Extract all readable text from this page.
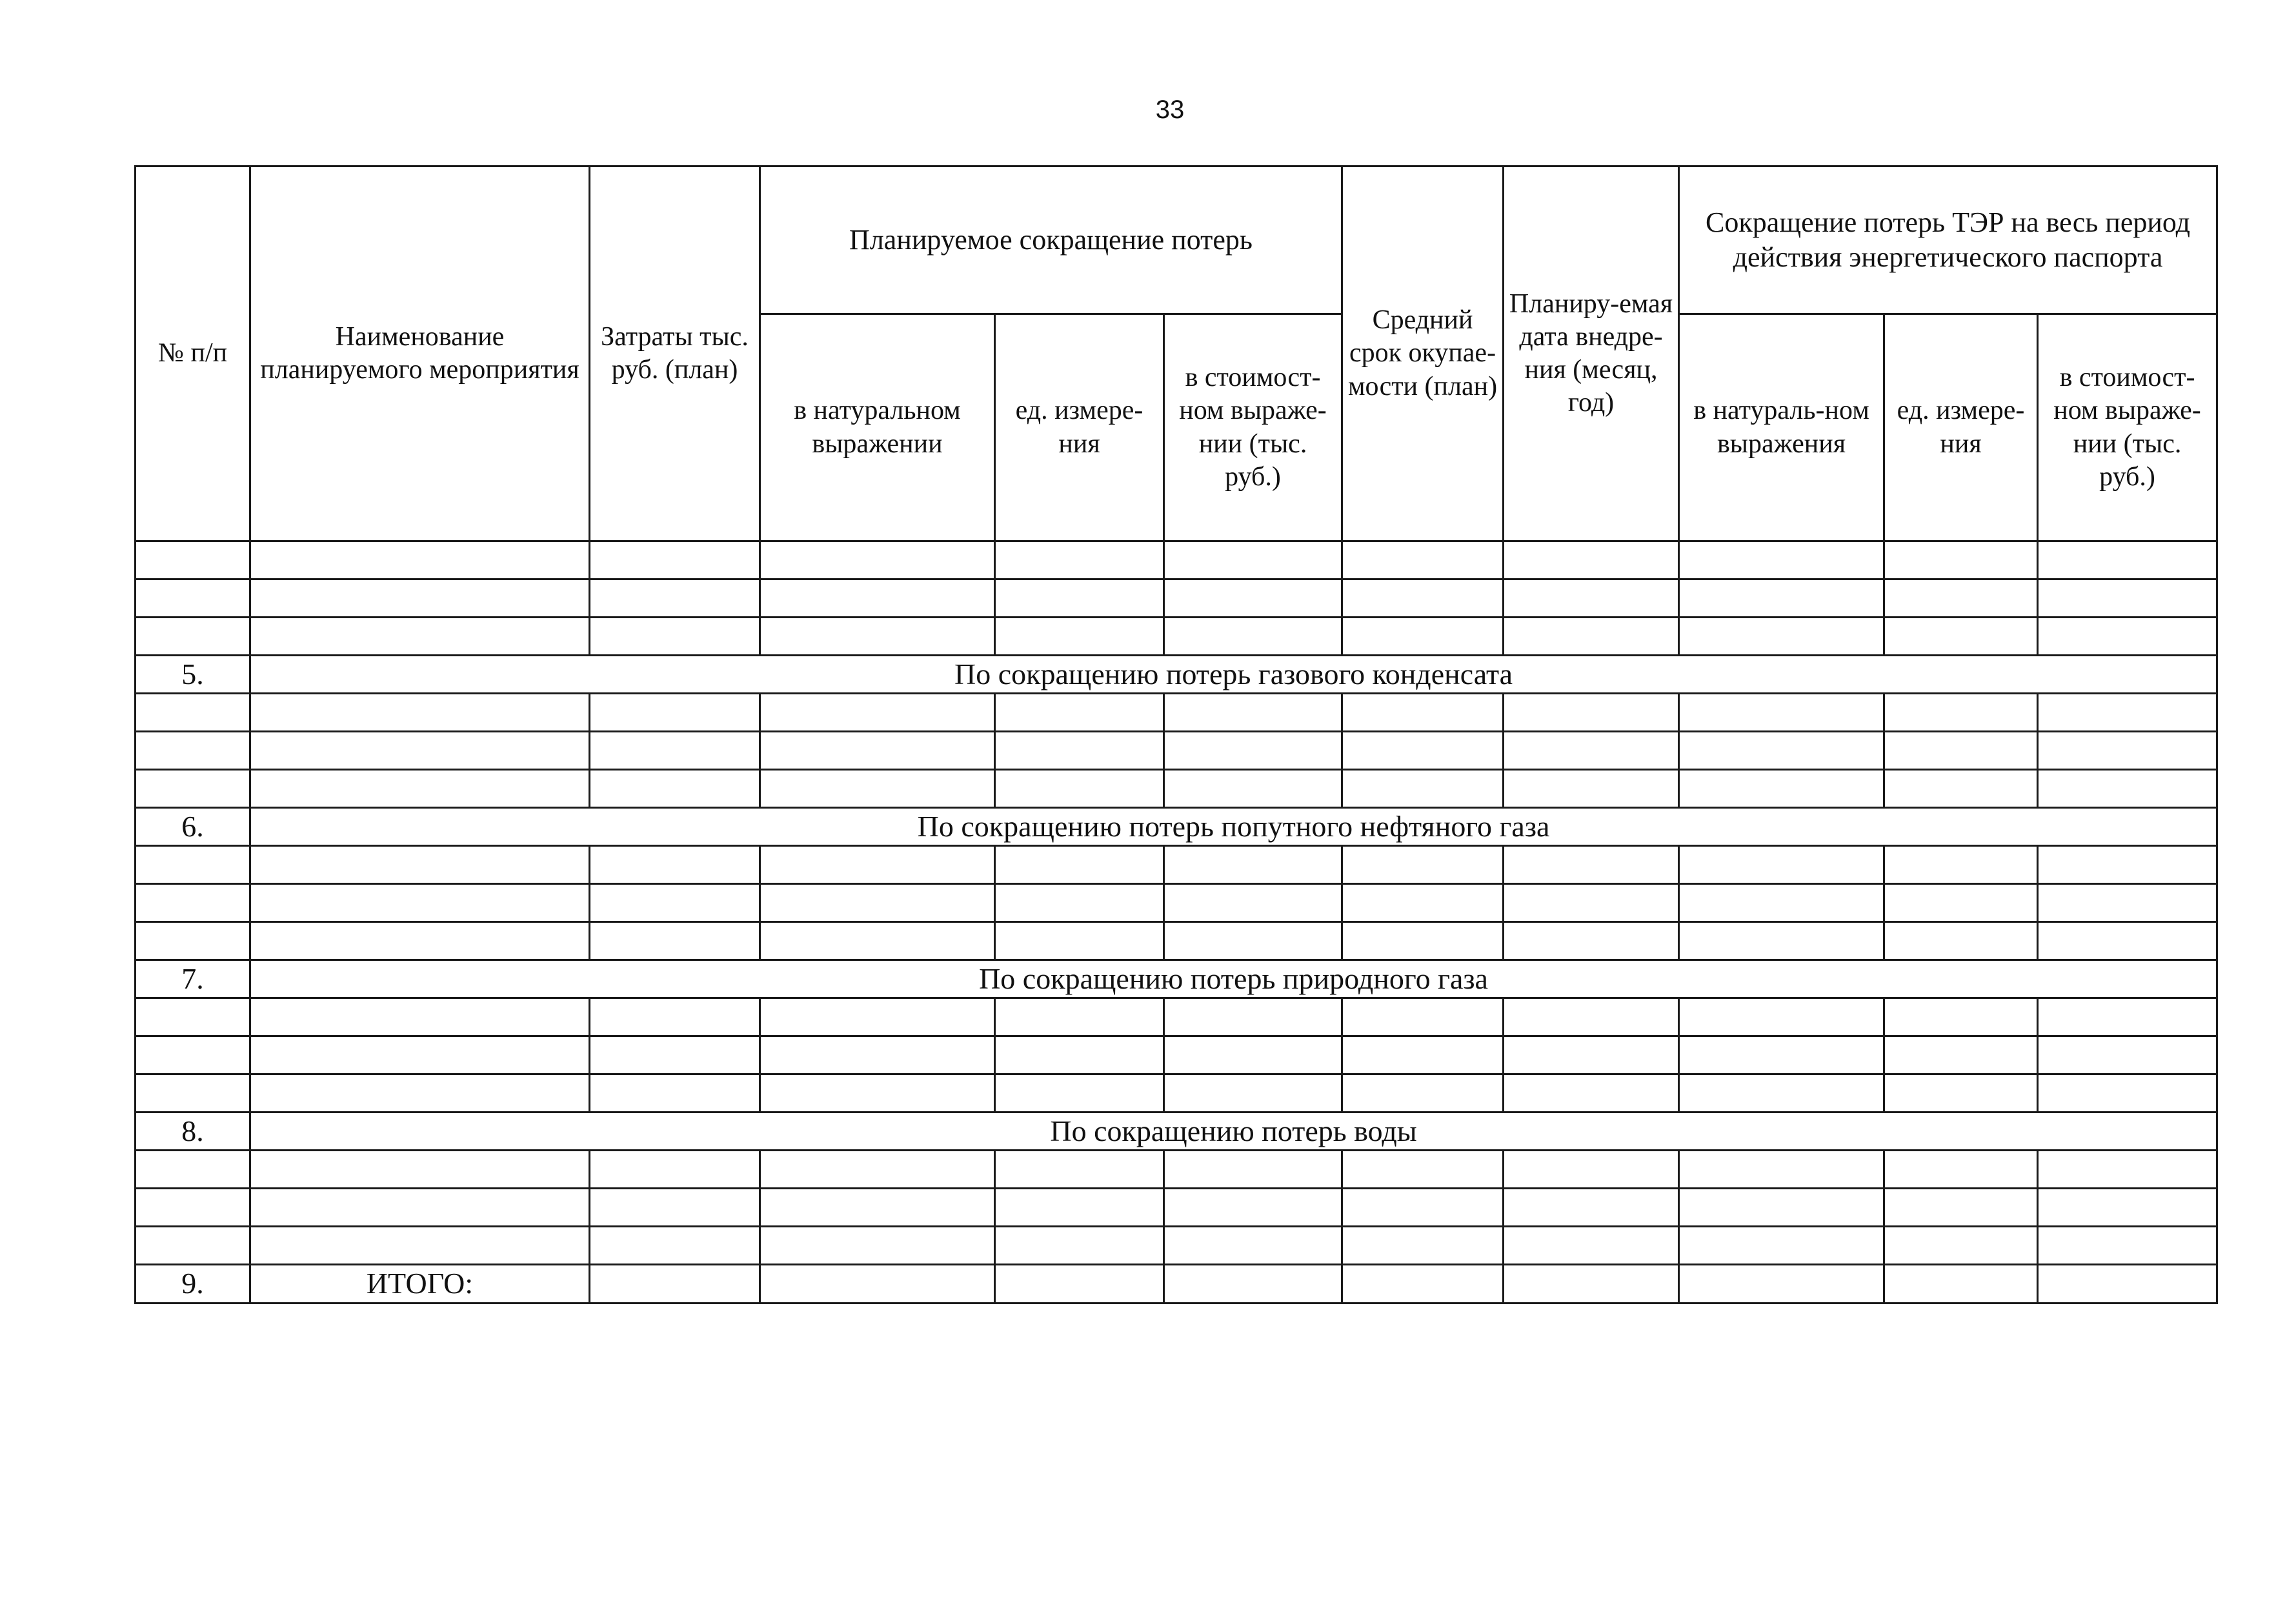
33
№ п/п	Наименование планируемого мероприятия	Затраты тыс. руб. (план)	Планируемое сокращение потерь			Средний срок окупае-мости (план)	Планиру-емая дата внедре-ния (месяц, год)	Сокращение потерь ТЭР на весь период действия энергетического паспорта		
			в натуральном выражении	ед. измере-ния	в стоимост-ном выраже-нии (тыс. руб.)			в натураль-ном выражения	ед. измере-ния	в стоимост-ном выраже-нии (тыс. руб.)

5.	По сокращению потерь газового конденсата									

6.	По сокращению потерь попутного нефтяного газа									

7.	По сокращению потерь природного газа									

8.	По сокращению потерь воды									

9.	ИТОГО:									
